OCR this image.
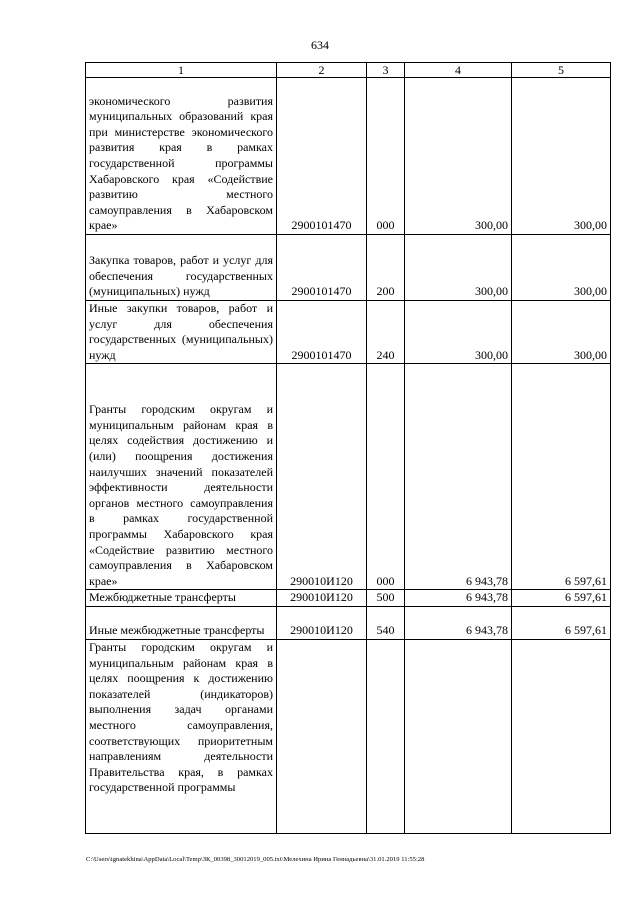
634
1	2	3	4	5
экономического развития муниципальных образований края при министерстве экономического развития края в рамках государственной программы Хабаровского края «Содействие развитию местного самоуправления в Хабаровском крае»	2900101470	000	300,00	300,00
Закупка товаров, работ и услуг для обеспечения государственных (муниципальных) нужд	2900101470	200	300,00	300,00
Иные закупки товаров, работ и услуг для обеспечения государственных (муниципальных) нужд	2900101470	240	300,00	300,00
Гранты городским округам и муниципальным районам края в целях содействия достижению и (или) поощрения достижения наилучших значений показателей эффективности деятельности органов местного самоуправления в рамках государственной программы Хабаровского края «Содействие развитию местного самоуправления в Хабаровском крае»	290010И120	000	6 943,78	6 597,61
Межбюджетные трансферты	290010И120	500	6 943,78	6 597,61
Иные межбюджетные трансферты	290010И120	540	6 943,78	6 597,61
Гранты городским округам и муниципальным районам края в целях поощрения к достижению показателей (индикаторов) выполнения задач органами местного самоуправления, соответствующих приоритетным направлениям деятельности Правительства края, в рамках государственной программы				
C:\Users\ignatekhina\AppData\Local\Temp\ЗК_00398_30012019_005.txt\Мелехина Ирина Геннадьевна\31.01.2019 11:55:28
